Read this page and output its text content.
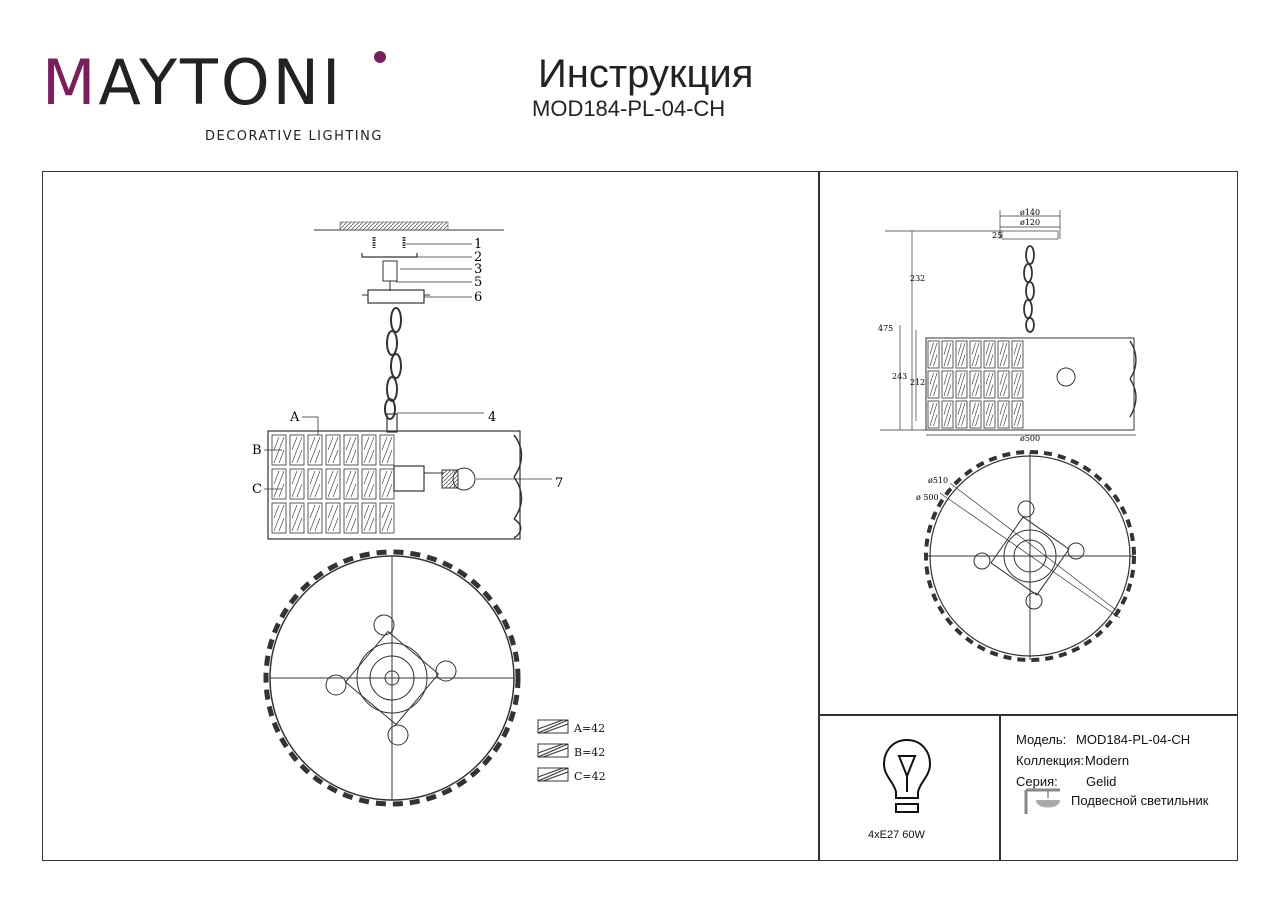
MAYTONI
DECORATIVE LIGHTING
Инструкция
MOD184-PL-04-CH
1
2
3
5
6
4
7
A
B
C
A=42
B=42
C=42
ø140
ø120
25
232
475
243
212
ø500
ø510
ø 500
4xE27 60W
Модель: MOD184-PL-04-CH
Коллекция: Modern
Серия: Gelid
Подвесной светильник
